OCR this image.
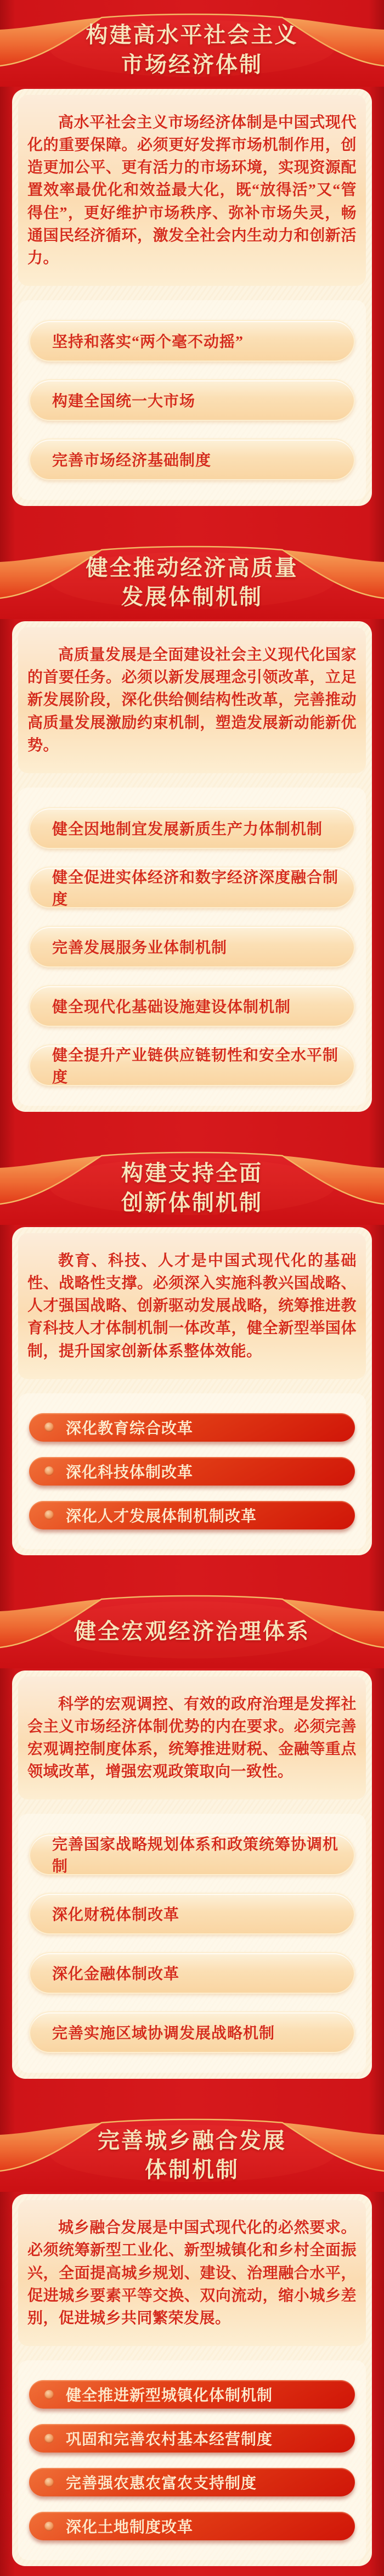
构建高水平社会主义
市场经济体制

高水平社会主义市场经济体制是中国式现代化的重要保障。必须更好发挥市场机制作用，创造更加公平、更有活力的市场环境，实现资源配置效率最优化和效益最大化，既“放得活”又“管得住”，更好维护市场秩序、弥补市场失灵，畅通国民经济循环，激发全社会内生动力和创新活力。

坚持和落实“两个毫不动摇”
构建全国统一大市场
完善市场经济基础制度
健全推动经济高质量
发展体制机制

高质量发展是全面建设社会主义现代化国家的首要任务。必须以新发展理念引领改革，立足新发展阶段，深化供给侧结构性改革，完善推动高质量发展激励约束机制，塑造发展新动能新优势。

健全因地制宜发展新质生产力体制机制
健全促进实体经济和数字经济深度融合制度
完善发展服务业体制机制
健全现代化基础设施建设体制机制
健全提升产业链供应链韧性和安全水平制度
构建支持全面
创新体制机制

教育、科技、人才是中国式现代化的基础性、战略性支撑。必须深入实施科教兴国战略、人才强国战略、创新驱动发展战略，统筹推进教育科技人才体制机制一体改革，健全新型举国体制，提升国家创新体系整体效能。

深化教育综合改革
深化科技体制改革
深化人才发展体制机制改革
健全宏观经济治理体系

科学的宏观调控、有效的政府治理是发挥社会主义市场经济体制优势的内在要求。必须完善宏观调控制度体系，统筹推进财税、金融等重点领域改革，增强宏观政策取向一致性。

完善国家战略规划体系和政策统筹协调机制
深化财税体制改革
深化金融体制改革
完善实施区域协调发展战略机制
完善城乡融合发展
体制机制

城乡融合发展是中国式现代化的必然要求。必须统筹新型工业化、新型城镇化和乡村全面振兴，全面提高城乡规划、建设、治理融合水平，促进城乡要素平等交换、双向流动，缩小城乡差别，促进城乡共同繁荣发展。

健全推进新型城镇化体制机制
巩固和完善农村基本经营制度
完善强农惠农富农支持制度
深化土地制度改革
